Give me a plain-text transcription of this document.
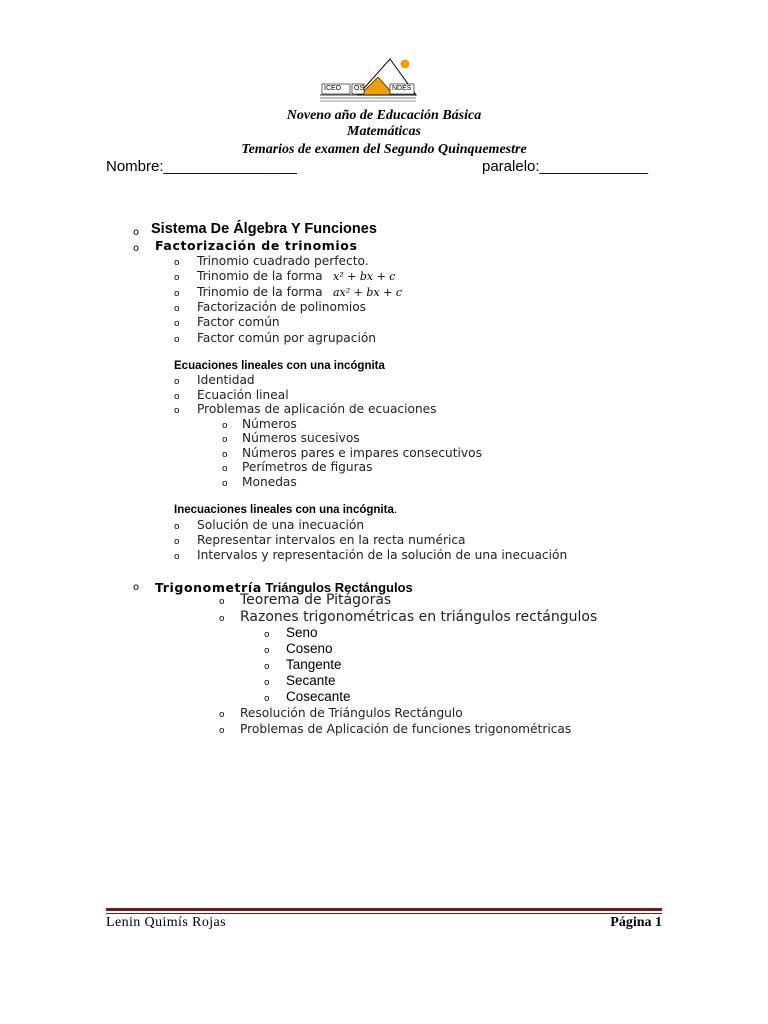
ICEO OS	NDES
Noveno año de Educación Básica
Matemáticas
Temarios de examen del Segundo Quinquemestre
Nombre:________________	paralelo:_____________
o Sistema De Álgebra Y Funciones
o Factorización de trinomios
o Trinomio cuadrado perfecto.
o Trinomio de la forma x² + bx + c
o Trinomio de la forma ax² + bx + c
o Factorización de polinomios
o Factor común
o Factor común por agrupación
Ecuaciones lineales con una incógnita
o Identidad
o Ecuación lineal
o Problemas de aplicación de ecuaciones
o Números
o Números sucesivos
o Números pares e impares consecutivos
o Perímetros de figuras
o Monedas
Inecuaciones lineales con una incógnita.
o Solución de una inecuación
o Representar intervalos en la recta numérica
o Intervalos y representación de la solución de una inecuación
o Trigonometría Triángulos Rectángulos
o Teorema de Pitágoras
o Razones trigonométricas en triángulos rectángulos
o Seno
o Coseno
o Tangente
o Secante
o Cosecante
o Resolución de Triángulos Rectángulo
o Problemas de Aplicación de funciones trigonométricas
Lenin Quimís Rojas	Página 1
